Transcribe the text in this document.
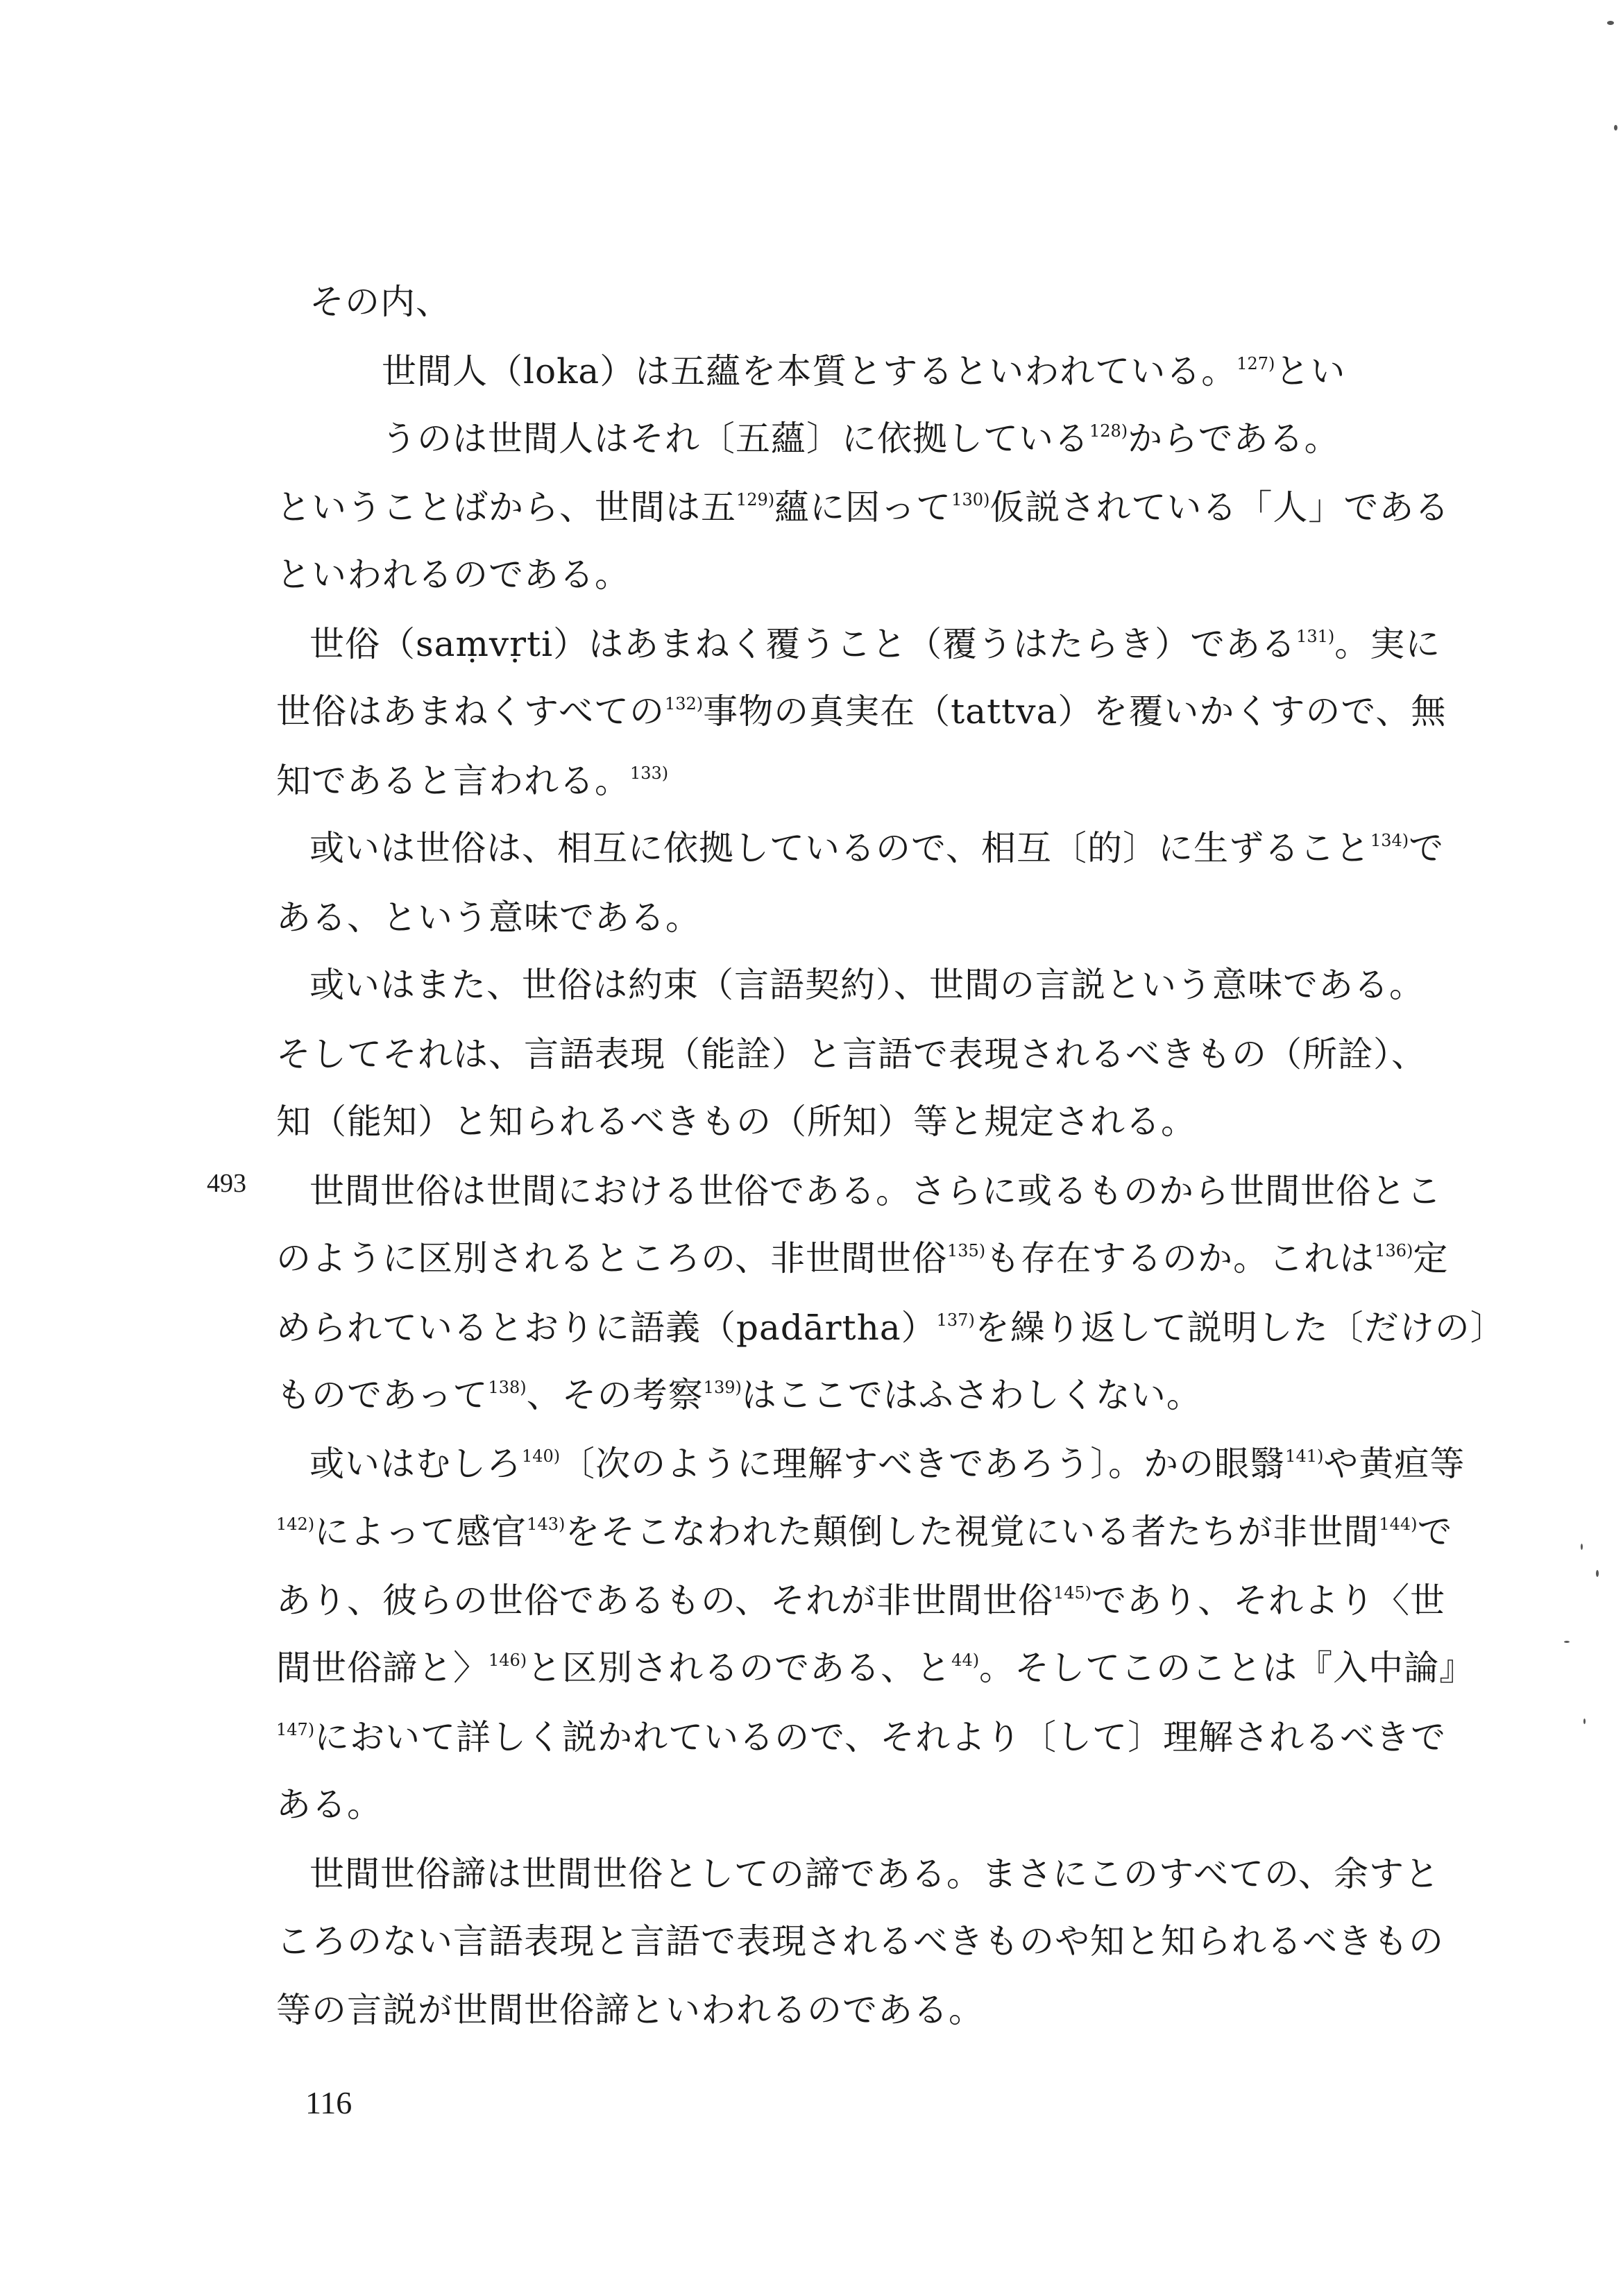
その内、
世間人（loka）は五蘊を本質とするといわれている。$^{127)}$とい
うのは世間人はそれ〔五蘊〕に依拠している$^{128)}$からである。
ということばから、世間は五$^{129)}$蘊に因って$^{130)}$仮説されている「人」である
といわれるのである。
世俗（saṃvṛti）はあまねく覆うこと（覆うはたらき）である$^{131)}$。実に
世俗はあまねくすべての$^{132)}$事物の真実在（tattva）を覆いかくすので、無
知であると言われる。$^{133)}$
或いは世俗は、相互に依拠しているので、相互〔的〕に生ずること$^{134)}$で
ある、という意味である。
或いはまた、世俗は約束（言語契約）、世間の言説という意味である。
そしてそれは、言語表現（能詮）と言語で表現されるべきもの（所詮）、
知（能知）と知られるべきもの（所知）等と規定される。
世間世俗は世間における世俗である。さらに或るものから世間世俗とこ
のように区別されるところの、非世間世俗$^{135)}$も存在するのか。これは$^{136)}$定
められているとおりに語義（padārtha）$^{137)}$を繰り返して説明した〔だけの〕
ものであって$^{138)}$、その考察$^{139)}$はここではふさわしくない。
或いはむしろ$^{140)}$〔次のように理解すべきであろう〕。かの眼翳$^{141)}$や黄疸等
$^{142)}$によって感官$^{143)}$をそこなわれた顛倒した視覚にいる者たちが非世間$^{144)}$で
あり、彼らの世俗であるもの、それが非世間世俗$^{145)}$であり、それより〈世
間世俗諦と〉$^{146)}$と区別されるのである、と$^{44)}$。そしてこのことは『入中論』
$^{147)}$において詳しく説かれているので、それより〔して〕理解されるべきで
ある。
世間世俗諦は世間世俗としての諦である。まさにこのすべての、余すと
ころのない言語表現と言語で表現されるべきものや知と知られるべきもの
等の言説が世間世俗諦といわれるのである。
493
116
